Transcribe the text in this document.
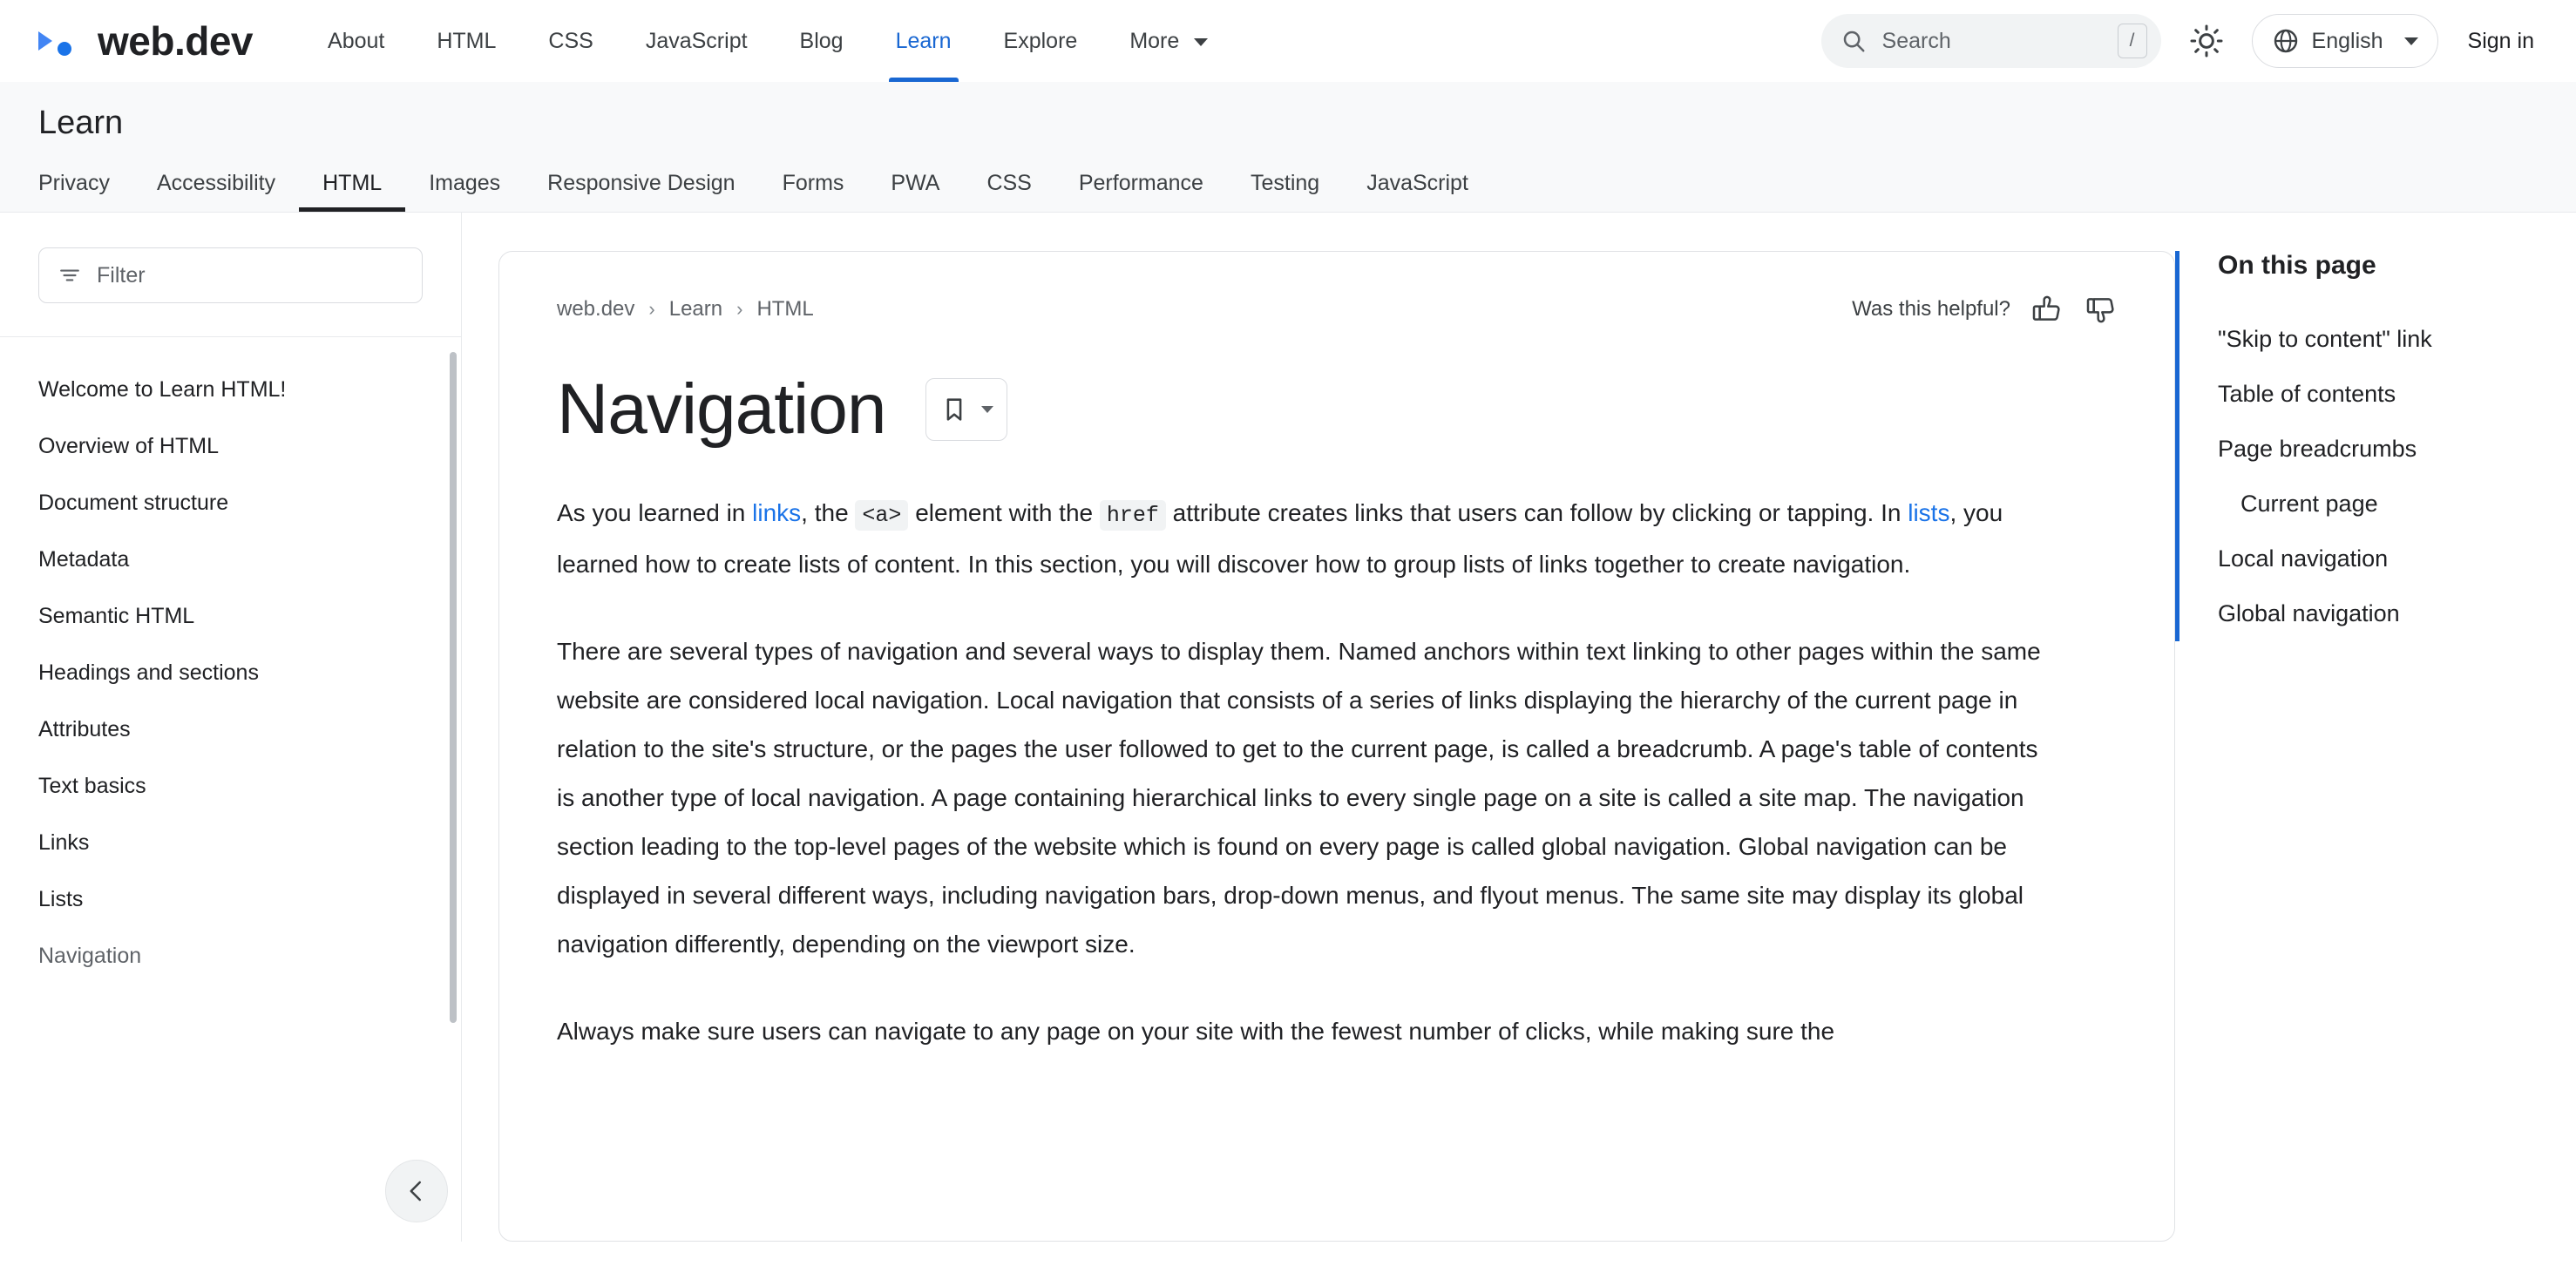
web.dev	About	HTML	CSS	JavaScript	Blog	Learn	Explore	More	Search	/	English	Sign in
Learn
Privacy	Accessibility	HTML	Images	Responsive Design	Forms	PWA	CSS	Performance	Testing	JavaScript
Filter
Welcome to Learn HTML!
Overview of HTML
Document structure
Metadata
Semantic HTML
Headings and sections
Attributes
Text basics
Links
Lists
Navigation
web.dev › Learn › HTML	Was this helpful?
Navigation

As you learned in links, the <a> element with the href attribute creates links that users can follow by clicking or tapping. In lists, you learned how to create lists of content. In this section, you will discover how to group lists of links together to create navigation.

There are several types of navigation and several ways to display them. Named anchors within text linking to other pages within the same website are considered local navigation. Local navigation that consists of a series of links displaying the hierarchy of the current page in relation to the site's structure, or the pages the user followed to get to the current page, is called a breadcrumb. A page's table of contents is another type of local navigation. A page containing hierarchical links to every single page on a site is called a site map. The navigation section leading to the top-level pages of the website which is found on every page is called global navigation. Global navigation can be displayed in several different ways, including navigation bars, drop-down menus, and flyout menus. The same site may display its global navigation differently, depending on the viewport size.

Always make sure users can navigate to any page on your site with the fewest number of clicks, while making sure the

On this page
"Skip to content" link
Table of contents
Page breadcrumbs
Current page
Local navigation
Global navigation
